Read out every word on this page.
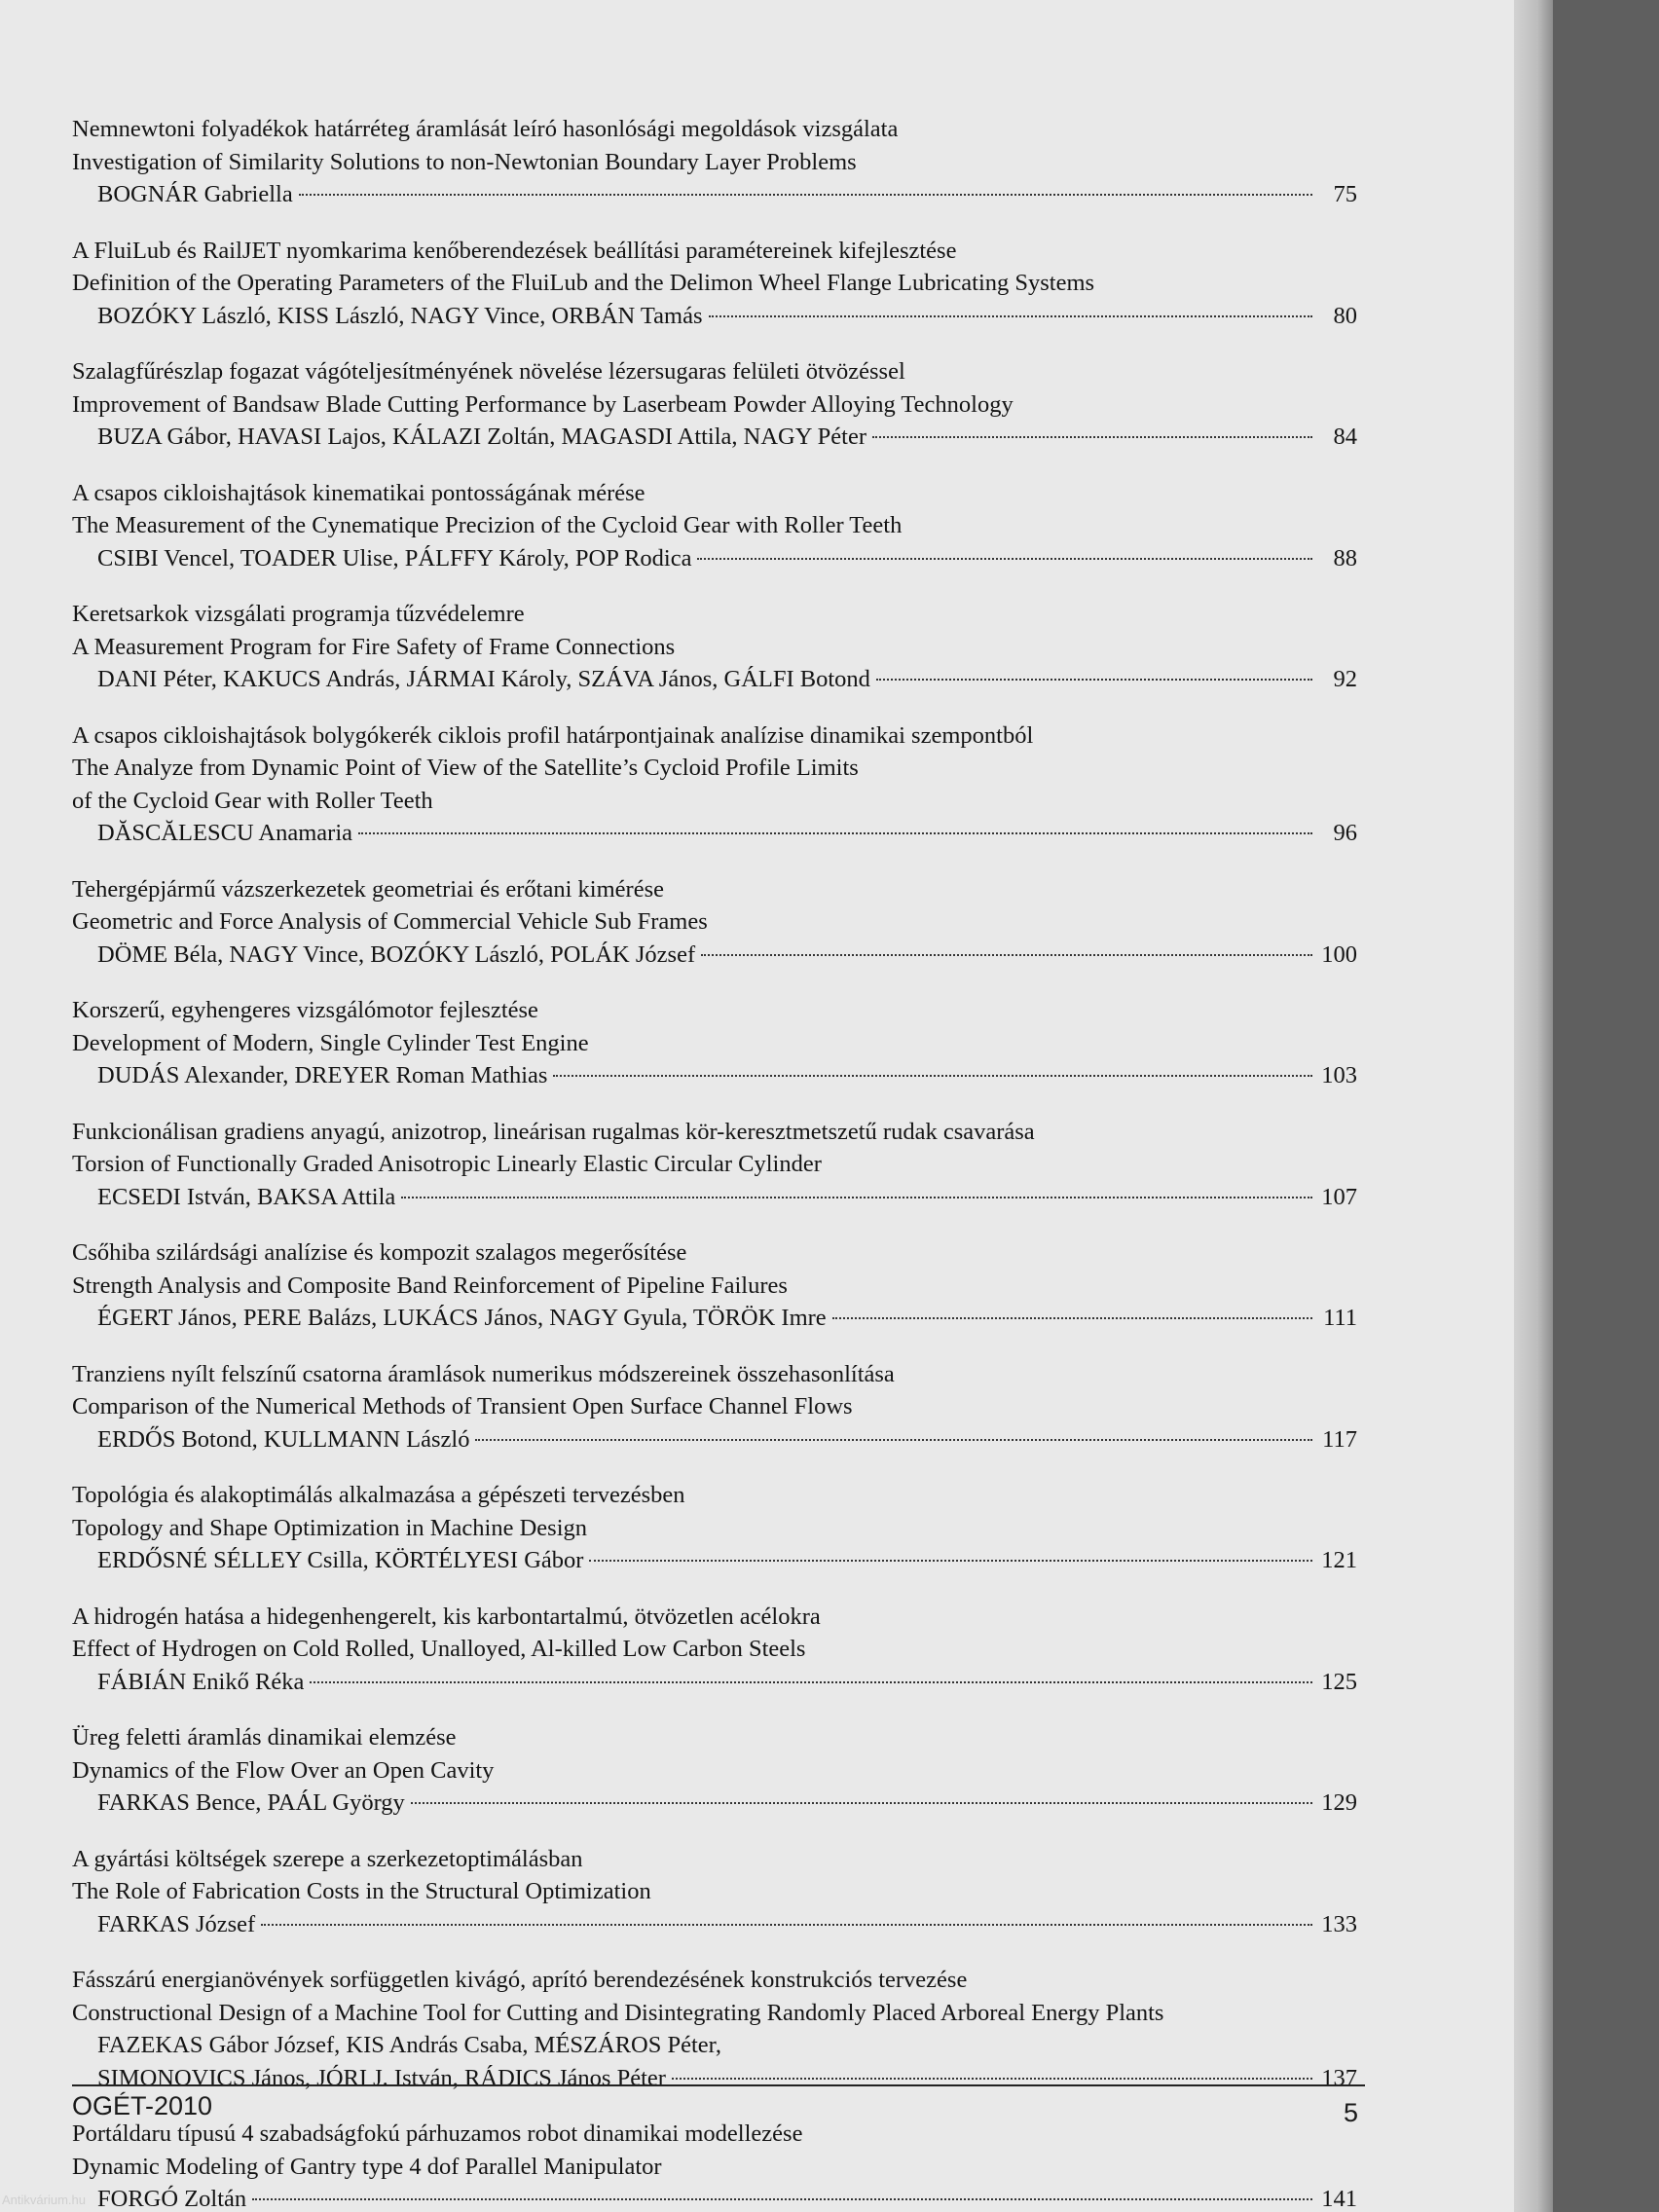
Nemnewtoni folyadékok határréteg áramlását leíró hasonlósági megoldások vizsgálata
Investigation of Similarity Solutions to non-Newtonian Boundary Layer Problems
BOGNÁR Gabriella	75
A FluiLub és RailJET nyomkarima kenőberendezések beállítási paramétereinek kifejlesztése
Definition of the Operating Parameters of the FluiLub and the Delimon Wheel Flange Lubricating Systems
BOZÓKY László, KISS László, NAGY Vince, ORBÁN Tamás	80
Szalagfűrészlap fogazat vágóteljesítményének növelése lézersugaras felületi ötvözéssel
Improvement of Bandsaw Blade Cutting Performance by Laserbeam Powder Alloying Technology
BUZA Gábor, HAVASI Lajos, KÁLAZI Zoltán, MAGASDI Attila, NAGY Péter	84
A csapos cikloishajtások kinematikai pontosságának mérése
The Measurement of the Cynematique Precizion of the Cycloid Gear with Roller Teeth
CSIBI Vencel, TOADER Ulise, PÁLFFY Károly, POP Rodica	88
Keretsarkok vizsgálati programja tűzvédelemre
A Measurement Program for Fire Safety of Frame Connections
DANI Péter, KAKUCS András, JÁRMAI Károly, SZÁVA János, GÁLFI Botond	92
A csapos cikloishajtások bolygókerék ciklois profil határpontjainak analízise dinamikai szempontból
The Analyze from Dynamic Point of View of the Satellite’s Cycloid Profile Limits
of the Cycloid Gear with Roller Teeth
DĂSCĂLESCU Anamaria	96
Tehergépjármű vázszerkezetek geometriai és erőtani kimérése
Geometric and Force Analysis of Commercial Vehicle Sub Frames
DÖME Béla, NAGY Vince, BOZÓKY László, POLÁK József	100
Korszerű, egyhengeres vizsgálómotor fejlesztése
Development of Modern, Single Cylinder Test Engine
DUDÁS Alexander, DREYER Roman Mathias	103
Funkcionálisan gradiens anyagú, anizotrop, lineárisan rugalmas kör-keresztmetszetű rudak csavarása
Torsion of Functionally Graded Anisotropic Linearly Elastic Circular Cylinder
ECSEDI István, BAKSA Attila	107
Csőhiba szilárdsági analízise és kompozit szalagos megerősítése
Strength Analysis and Composite Band Reinforcement of Pipeline Failures
ÉGERT János, PERE Balázs, LUKÁCS János, NAGY Gyula, TÖRÖK Imre	111
Tranziens nyílt felszínű csatorna áramlások numerikus módszereinek összehasonlítása
Comparison of the Numerical Methods of Transient Open Surface Channel Flows
ERDŐS Botond, KULLMANN László	117
Topológia és alakoptimálás alkalmazása a gépészeti tervezésben
Topology and Shape Optimization in Machine Design
ERDŐSNÉ SÉLLEY Csilla, KÖRTÉLYESI Gábor	121
A hidrogén hatása a hidegenhengerelt, kis karbontartalmú, ötvözetlen acélokra
Effect of Hydrogen on Cold Rolled, Unalloyed, Al-killed Low Carbon Steels
FÁBIÁN Enikő Réka	125
Üreg feletti áramlás dinamikai elemzése
Dynamics of the Flow Over an Open Cavity
FARKAS Bence, PAÁL György	129
A gyártási költségek szerepe a szerkezetoptimálásban
The Role of Fabrication Costs in the Structural Optimization
FARKAS József	133
Fásszárú energianövények sorfüggetlen kivágó, aprító berendezésének konstrukciós tervezése
Constructional Design of a Machine Tool for Cutting and Disintegrating Randomly Placed Arboreal Energy Plants
FAZEKAS Gábor József, KIS András Csaba, MÉSZÁROS Péter,
SIMONOVICS János, JÓRI J. István, RÁDICS János Péter	137
Portáldaru típusú 4 szabadságfokú párhuzamos robot dinamikai modellezése
Dynamic Modeling of Gantry type 4 dof Parallel Manipulator
FORGÓ Zoltán	141
OGÉT-2010	5
Antikvárium.hu
